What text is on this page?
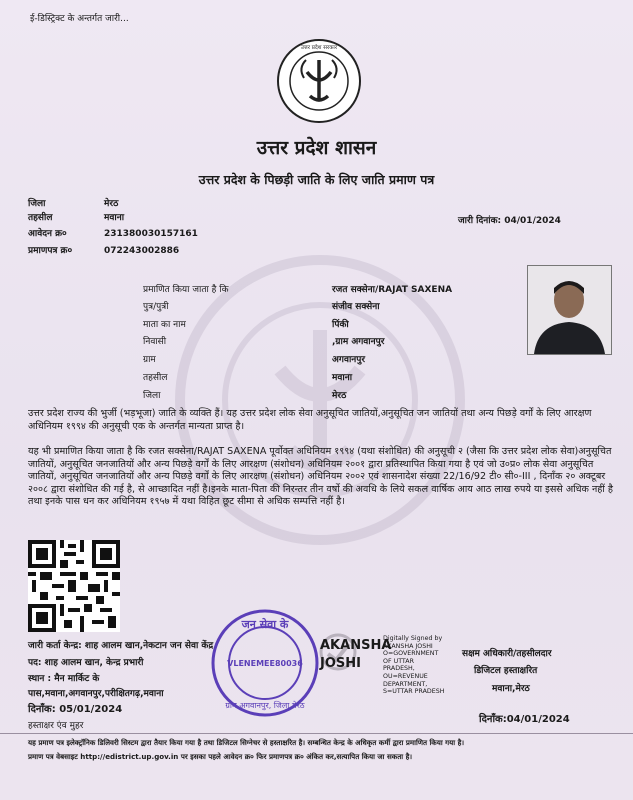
ई-डिस्ट्रिक्ट के अन्तर्गत जारी...
उत्तर प्रदेश सरकार
उत्तर प्रदेश शासन
उत्तर प्रदेश के पिछड़ी जाति के लिए जाति प्रमाण पत्र
जिला	मेरठ
तहसील	मवाना
आवेदन क्र०	231380030157161
प्रमाणपत्र क्र०	072243002886
जारी दिनांक: 04/01/2024
प्रमाणित किया जाता है कि	रजत सक्सेना/RAJAT SAXENA
पुत्र/पुत्री	संजीव सक्सेना
माता का नाम	पिंकी
निवासी	,ग्राम अगवानपुर
ग्राम	अगवानपुर
तहसील	मवाना
जिला	मेरठ
उत्तर प्रदेश राज्य की भुर्जी (भड़भूजा) जाति के व्यक्ति हैं। यह उत्तर प्रदेश लोक सेवा अनुसूचित जातियों,अनुसूचित जन जातियों तथा अन्य पिछड़े वर्गों के लिए आरक्षण अधिनियम १९९४ की अनुसूची एक के अन्तर्गत मान्यता प्राप्त है।
यह भी प्रमाणित किया जाता है कि रजत सक्सेना/RAJAT SAXENA पूर्वोक्त अधिनियम १९९४ (यथा संशोधित) की अनुसूची २ (जैसा कि उत्तर प्रदेश लोक सेवा)अनुसूचित जातियों, अनुसूचित जनजातियों और अन्य पिछड़े वर्गों के लिए आरक्षण (संशोधन) अधिनियम २००१ द्वारा प्रतिस्थापित किया गया है एवं जो उ०प्र० लोक सेवा अनुसूचित जातियों, अनुसूचित जनजातियों और अन्य पिछड़े वर्गों के लिए आरक्षण (संशोधन) अधिनियम २००२ एवं शासनादेश संख्या 22/16/92 टी० सी०-III , दिनाँक २० अक्टूबर २००८ द्वारा संशोधित की गई है, से आच्छादित नहीं है।इनके माता-पिता की निरन्तर तीन वर्षो की अवधि के लिये सकल वार्षिक आय आठ लाख रुपये या इससे अधिक नहीं है तथा इनके पास धन कर अधिनियम १९५७ में यथा विहित छूट सीमा से अधिक सम्पत्ति नहीं है।
जन सेवा के
VLENEMEE80036
ग्राम अगवानपुर, जिला मेरठ
जारी कर्ता केन्द्र: शाह आलम खान,नेकटान जन सेवा केंद्र
पद: शाह आलम खान, केन्द्र प्रभारी
स्थान : मैन मार्किट के
पास,मवाना,अगवानपुर,परीक्षितगढ़,मवाना
दिनाँक: 05/01/2024
हस्ताक्षर एंव मुहर
AKANSHA
JOSHI
Digitally Signed by
AKANSHA JOSHI
O=GOVERNMENT
OF UTTAR
PRADESH,
OU=REVENUE
DEPARTMENT,
S=UTTAR PRADESH
सक्षम अधिकारी/तहसीलदार
डिजिटल हस्ताक्षरित
मवाना,मेरठ
दिनाँक:04/01/2024
यह प्रमाण पत्र इलेक्ट्रॉनिक डिलिवरी सिस्टम द्वारा तैयार किया गया है तथा डिजिटल सिग्नेचर से हस्ताक्षरित है। सम्बन्धित केन्द्र के अधिकृत कर्मी द्वारा प्रमाणित किया गया है।
प्रमाण पत्र वेबसाइट http://edistrict.up.gov.in पर इसका पहले आवेदन क्र० फिर प्रमाणपत्र क्र० अंकित कर,सत्यापित किया जा सकता है।
